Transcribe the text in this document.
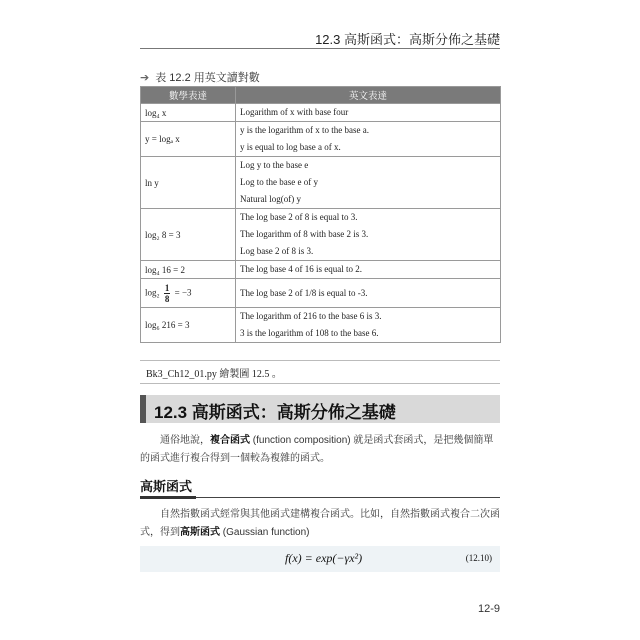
12.3 高斯函式：高斯分佈之基礎
➔ 表 12.2 用英文讀對數
數學表達	英文表達
log₄ x	Logarithm of x with base four

y = logₐ x	y is the logarithm of x to the base a.
y is equal to log base a of x.

ln y	Log y to the base e
Log to the base e of y
Natural log(of) y

log₂ 8 = 3	The log base 2 of 8 is equal to 3.
The logarithm of 8 with base 2 is 3.
Log base 2 of 8 is 3.

log₄ 16 = 2	The log base 4 of 16 is equal to 2.

$\log_2 \frac{1}{8} = -3$	The log base 2 of 1/8 is equal to -3.

log₆ 216 = 3	The logarithm of 216 to the base 6 is 3.
3 is the logarithm of 108 to the base 6.
Bk3_Ch12_01.py 繪製圖 12.5 。
12.3 高斯函式：高斯分佈之基礎
通俗地說，複合函式 (function composition) 就是函式套函式，是把幾個簡單的函式進行複合得到一個較為複雜的函式。
高斯函式
自然指數函式經常與其他函式建構複合函式。比如，自然指數函式複合二次函式，得到高斯函式 (Gaussian function)
f(x) = exp(−γx²)	(12.10)
12-9
